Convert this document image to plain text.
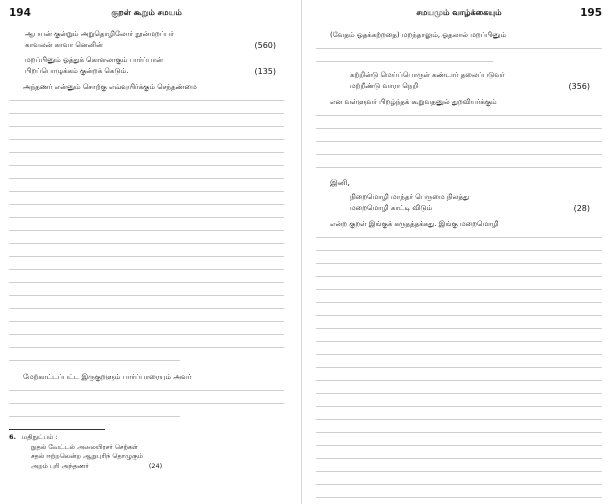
194	குறள் கூறும் சமயம்
ஆபயன் குன்றும் அறுதொழிலோர் நூன்மறப்பர்
காவலன் காவா னெனின்	(560)
மறப்பினும் ஓத்துக் கொளலாகும் பார்ப்பான்
பிறப்பொழுக்கம் குன்றக் கெடும்.	(135)
அந்தணர் என்னும் சொற்கு எவ்வுயிர்க்கும் செந்தண்மை
மேற்காட்டப்பட்ட இருகுறளும் பார்ப்பாரையும் அவர்
6. மதிநுட்பம் :
நுதல் வேட்டல் அலையிரசர் செற்கள்
சதல் ஈற்றலென்ற ஆறுபுரிந் தொழுகும்
அறம் புரி அந்தணர்	(24)
சமயமும் வாழ்க்கையும்	195
(வேதம் ஓதக்கற்றதை) மறந்தாலும், ஓதலால் மறப்பினும்
கற்றின்டு மெய்ப்பொருள் கண்டார் தலைப்படுவர்
மற்றீண்டு வாரா நெறி	(356)
என வள்ளுவர் பிறழ்ந்தக் கூறுவதனுல் துறவியர்க்கும்
இனி,
நிறைமொழி மாந்தர் பெருமை நிலத்து
மறைமொழி காட்டி விடும்	(28)
என்ற குறள் இங்குக் கருதத்தக்கது. இங்கு மறைமொழி
